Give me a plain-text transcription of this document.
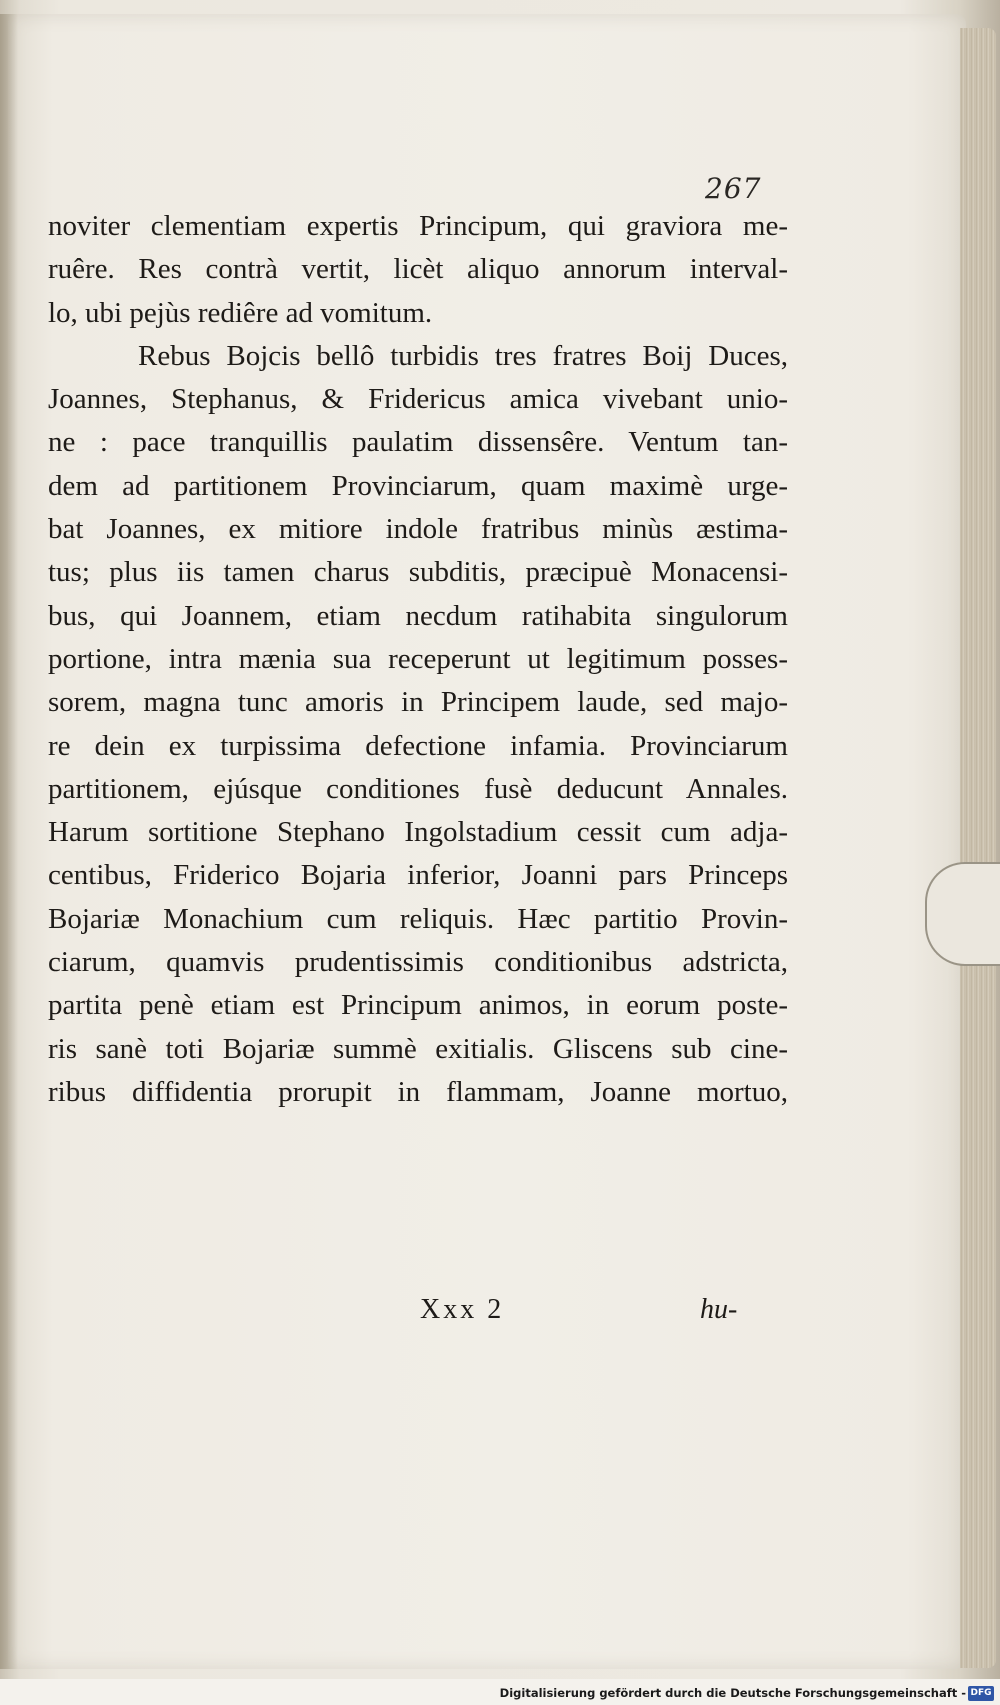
267
noviter clementiam expertis Principum, qui graviora me-
ruêre. Res contrà vertit, licèt aliquo annorum interval-
lo, ubi pejùs rediêre ad vomitum.
Rebus Bojcis bellô turbidis tres fratres Boij Duces,
Joannes, Stephanus, & Fridericus amica vivebant unio-
ne : pace tranquillis paulatim dissensêre. Ventum tan-
dem ad partitionem Provinciarum, quam maximè urge-
bat Joannes, ex mitiore indole fratribus minùs æstima-
tus; plus iis tamen charus subditis, præcipuè Monacensi-
bus, qui Joannem, etiam necdum ratihabita singulorum
portione, intra mænia sua receperunt ut legitimum posses-
sorem, magna tunc amoris in Principem laude, sed majo-
re dein ex turpissima defectione infamia. Provinciarum
partitionem, ejúsque conditiones fusè deducunt Annales.
Harum sortitione Stephano Ingolstadium cessit cum adja-
centibus, Friderico Bojaria inferior, Joanni pars Princeps
Bojariæ Monachium cum reliquis. Hæc partitio Provin-
ciarum, quamvis prudentissimis conditionibus adstricta,
partita penè etiam est Principum animos, in eorum poste-
ris sanè toti Bojariæ summè exitialis. Gliscens sub cine-
ribus diffidentia prorupit in flammam, Joanne mortuo,
Xxx 2	hu-
Digitalisierung gefördert durch die Deutsche Forschungsgemeinschaft - DFG
